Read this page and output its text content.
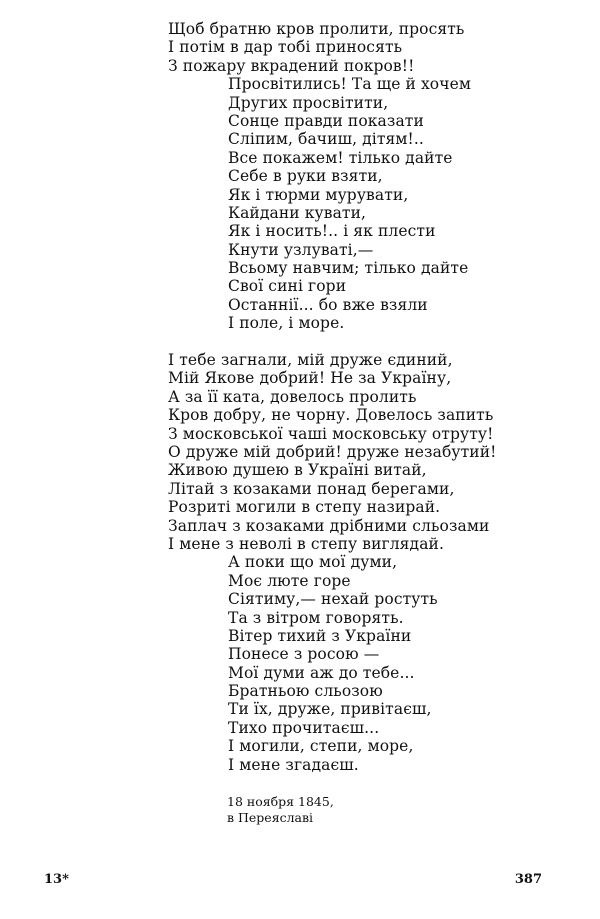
Щоб братню кров пролити, просять
І потім в дар тобі приносять
З пожару вкрадений покров!!
Просвітились! Та ще й хочем
Других просвітити,
Сонце правди показати
Сліпим, бачиш, дітям!..
Все покажем! тілько дайте
Себе в руки взяти,
Як і тюрми мурувати,
Кайдани кувати,
Як і носить!.. і як плести
Кнути узлуваті,—
Всьому навчим; тілько дайте
Свої сині гори
Останнії... бо вже взяли
І поле, і море.
І тебе загнали, мій друже єдиний,
Мій Якове добрий! Не за Україну,
А за її ката, довелось пролить
Кров добру, не чорну. Довелось запить
З московської чаші московську отруту!
О друже мій добрий! друже незабутий!
Живою душею в Україні витай,
Літай з козаками понад берегами,
Розриті могили в степу назирай.
Заплач з козаками дрібними сльозами
І мене з неволі в степу виглядай.
А поки що мої думи,
Моє люте горе
Сіятиму,— нехай ростуть
Та з вітром говорять.
Вітер тихий з України
Понесе з росою —
Мої думи аж до тебе...
Братньою сльозою
Ти їх, друже, привітаєш,
Тихо прочитаєш...
І могили, степи, море,
І мене згадаєш.
18 ноября 1845,
в Переяславі
13*	387
